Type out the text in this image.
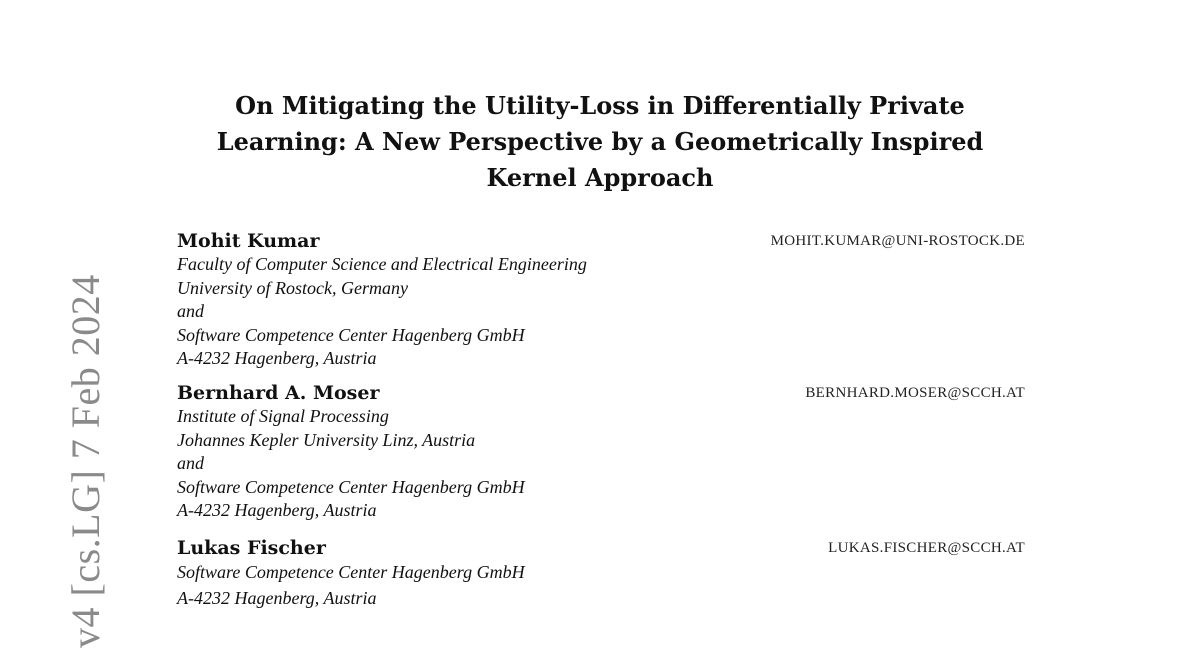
v4 [cs.LG] 7 Feb 2024
On Mitigating the Utility-Loss in Differentially Private
Learning: A New Perspective by a Geometrically Inspired
Kernel Approach
Mohit Kumar	MOHIT.KUMAR@UNI-ROSTOCK.DE
Faculty of Computer Science and Electrical Engineering
University of Rostock, Germany
and
Software Competence Center Hagenberg GmbH
A-4232 Hagenberg, Austria
Bernhard A. Moser	BERNHARD.MOSER@SCCH.AT
Institute of Signal Processing
Johannes Kepler University Linz, Austria
and
Software Competence Center Hagenberg GmbH
A-4232 Hagenberg, Austria
Lukas Fischer	LUKAS.FISCHER@SCCH.AT
Software Competence Center Hagenberg GmbH
A-4232 Hagenberg, Austria
